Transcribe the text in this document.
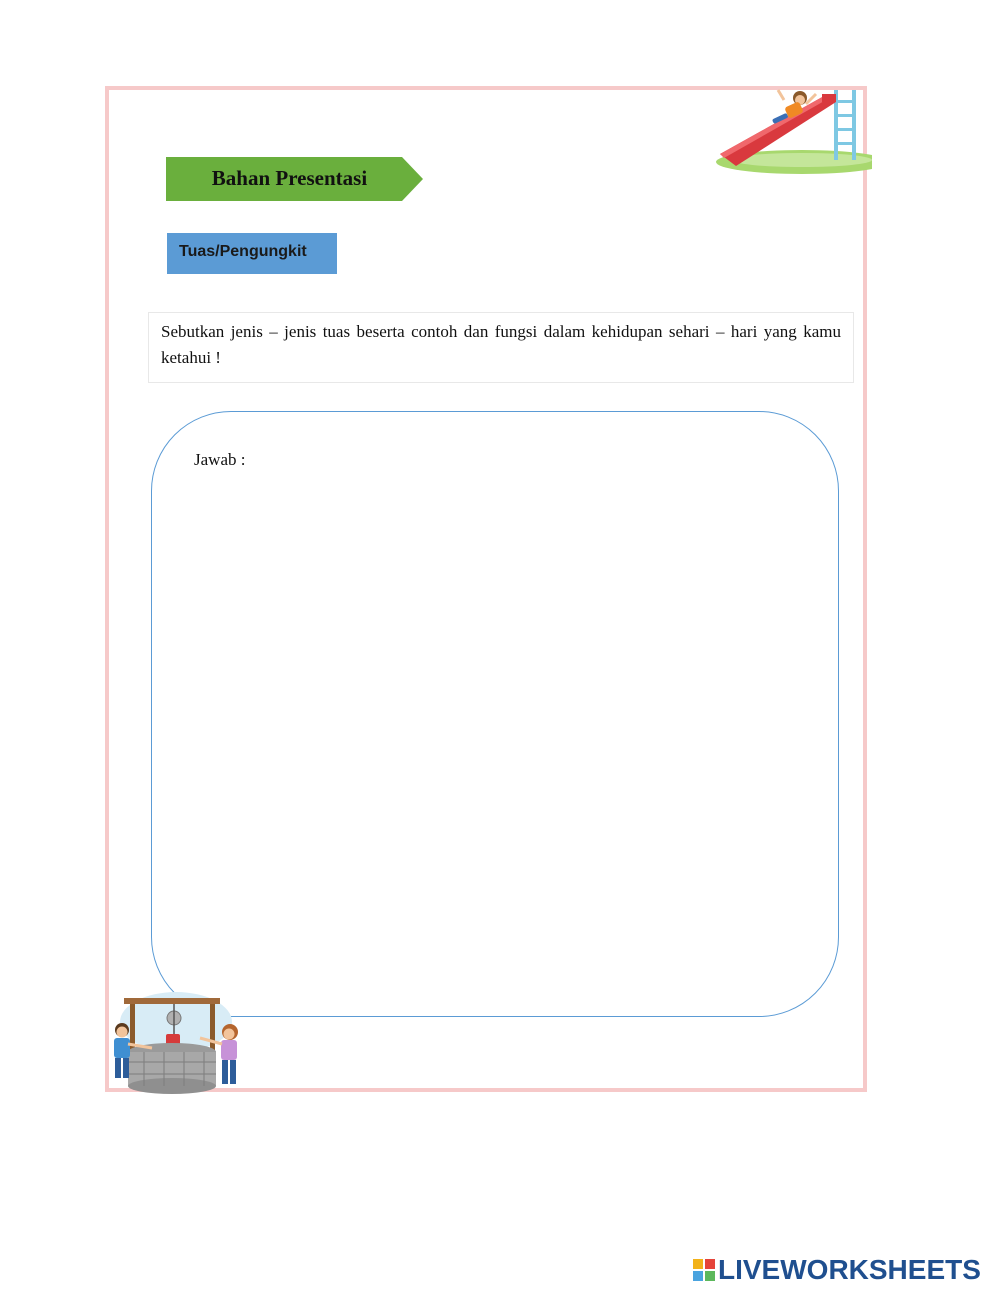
Bahan Presentasi
Tuas/Pengungkit
Sebutkan jenis – jenis tuas beserta contoh dan fungsi dalam kehidupan sehari – hari yang kamu ketahui !
Jawab :
LIVEWORKSHEETS
